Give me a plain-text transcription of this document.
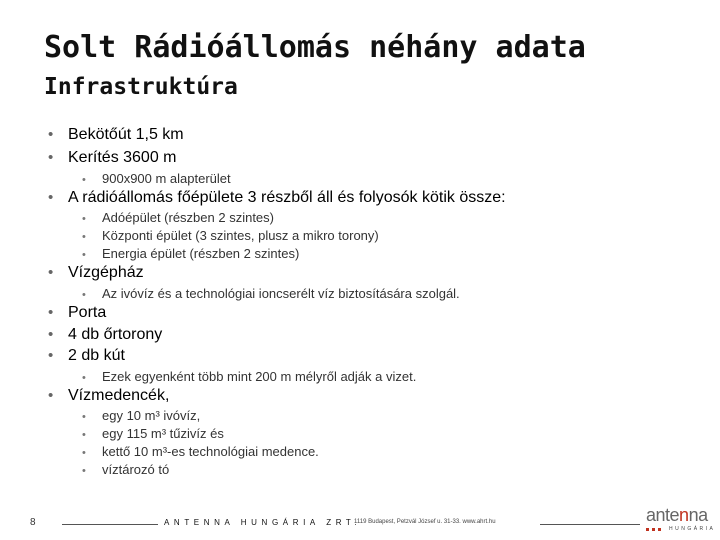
Solt Rádióállomás néhány adata
Infrastruktúra
• Bekötőút 1,5 km
• Kerítés 3600 m
•	900x900 m alapterület
• A rádióállomás főépülete 3 részből áll és folyosók kötik össze:
•	Adóépület (részben 2 szintes)
•	Központi épület (3 szintes, plusz a mikro torony)
•	Energia épület (részben 2 szintes)
• Vízgépház
•	Az ivóvíz és a technológiai ioncserélt víz biztosítására szolgál.
• Porta
• 4 db őrtorony
• 2 db kút
•	Ezek egyenként több mint 200 m mélyről adják a vizet.
• Vízmedencék,
•	egy 10 m³ ivóvíz,
•	egy 115 m³ tűzivíz és
•	kettő 10 m³-es technológiai medence.
•	víztározó tó
8	ANTENNA HUNGÁRIA ZRT.
1119 Budapest, Petzvál József u. 31-33. www.ahrt.hu	antenna
HUNGÁRIA
